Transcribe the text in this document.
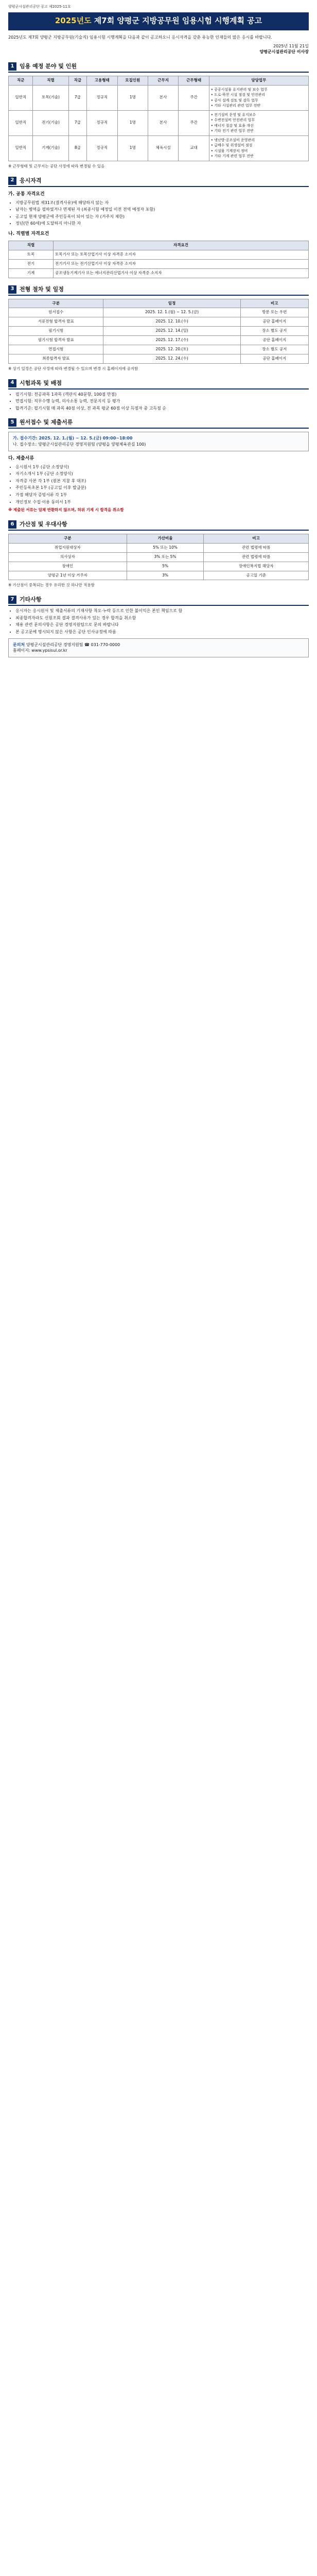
양평군시설관리공단 공고 제2025-11호
2025년도 제7회 양평군 지방공무원 임용시험 시행계획 공고
2025년도 제7회 양평군 지방공무원(기술직) 임용시험 시행계획을 다음과 같이 공고하오니 응시자격을 갖춘 유능한 인재들의 많은 응시를 바랍니다.
2025년 11월 21일
양평군시설관리공단 이사장
1 임용 예정 분야 및 인원
직군	직렬	직급	고용형태	모집인원	근무지	근무형태	담당업무
일반직	토목(기술)	7급	정규직	1명	본사	주간	• 공공시설물 유지관리 및 보수 업무
• 도로·하천 시설 점검 및 안전관리
• 공사 설계 검토 및 감독 업무
• 기타 시설관리 관련 업무 전반
일반직	전기(기술)	7급	정규직	1명	본사	주간	• 전기설비 운영 및 유지보수
• 수변전설비 안전관리 업무
• 에너지 절감 및 효율 개선
• 기타 전기 관련 업무 전반
일반직	기계(기술)	8급	정규직	1명	체육시설	교대	• 냉난방·공조설비 운영관리
• 급배수 및 위생설비 점검
• 시설물 기계장치 정비
• 기타 기계 관련 업무 전반
※ 근무형태 및 근무지는 공단 사정에 따라 변경될 수 있음
2 응시자격
가. 공통 자격요건
• 지방공무원법 제31조(결격사유)에 해당하지 않는 자
• 남자는 병역을 필하였거나 면제된 자 (최종시험 예정일 이전 전역 예정자 포함)
• 공고일 현재 양평군에 주민등록이 되어 있는 자 (거주지 제한)
• 정년(만 60세)에 도달하지 아니한 자
나. 직렬별 자격요건
직렬	자격요건
토목	토목기사 또는 토목산업기사 이상 자격증 소지자
전기	전기기사 또는 전기산업기사 이상 자격증 소지자
기계	공조냉동기계기사 또는 에너지관리산업기사 이상 자격증 소지자
3 전형 절차 및 일정
구분	일정	비고
원서접수	2025. 12. 1.(월) ~ 12. 5.(금)	방문 또는 우편
서류전형 합격자 발표	2025. 12. 10.(수)	공단 홈페이지
필기시험	2025. 12. 14.(일)	장소 별도 공지
필기시험 합격자 발표	2025. 12. 17.(수)	공단 홈페이지
면접시험	2025. 12. 20.(토)	장소 별도 공지
최종합격자 발표	2025. 12. 24.(수)	공단 홈페이지
※ 상기 일정은 공단 사정에 따라 변경될 수 있으며 변경 시 홈페이지에 공지함
4 시험과목 및 배점
• 필기시험: 전공과목 1과목 (객관식 40문항, 100점 만점)
• 면접시험: 직무수행 능력, 의사소통 능력, 전문지식 등 평가
• 합격기준: 필기시험 매 과목 40점 이상, 전 과목 평균 60점 이상 득점자 중 고득점 순
5 원서접수 및 제출서류
가. 접수기간: 2025. 12. 1.(월) ~ 12. 5.(금) 09:00~18:00
나. 접수장소: 양평군시설관리공단 경영지원팀 (양평읍 양평체육관길 100)
다. 제출서류
• 응시원서 1부 (공단 소정양식)
• 자기소개서 1부 (공단 소정양식)
• 자격증 사본 각 1부 (원본 지참 후 대조)
• 주민등록초본 1부 (공고일 이후 발급분)
• 가점 해당자 증빙서류 각 1부
• 개인정보 수집·이용 동의서 1부
※ 제출된 서류는 일체 반환하지 않으며, 허위 기재 시 합격을 취소함
6 가산점 및 우대사항
구분	가산비율	비고
취업지원대상자	5% 또는 10%	관련 법령에 따름
의사상자	3% 또는 5%	관련 법령에 따름
장애인	5%	장애인복지법 해당자
양평군 1년 이상 거주자	3%	공고일 기준
※ 가산점이 중복되는 경우 유리한 것 하나만 적용함
7 기타사항
• 응시자는 응시원서 및 제출서류의 기재사항 착오·누락 등으로 인한 불이익은 본인 책임으로 함
• 최종합격자라도 신원조회 결과 결격사유가 있는 경우 합격을 취소함
• 채용 관련 문의사항은 공단 경영지원팀으로 문의 바랍니다
• 본 공고문에 명시되지 않은 사항은 공단 인사규정에 따름
문의처 양평군시설관리공단 경영지원팀 ☎ 031-770-0000
홈페이지: www.ypsisul.or.kr
